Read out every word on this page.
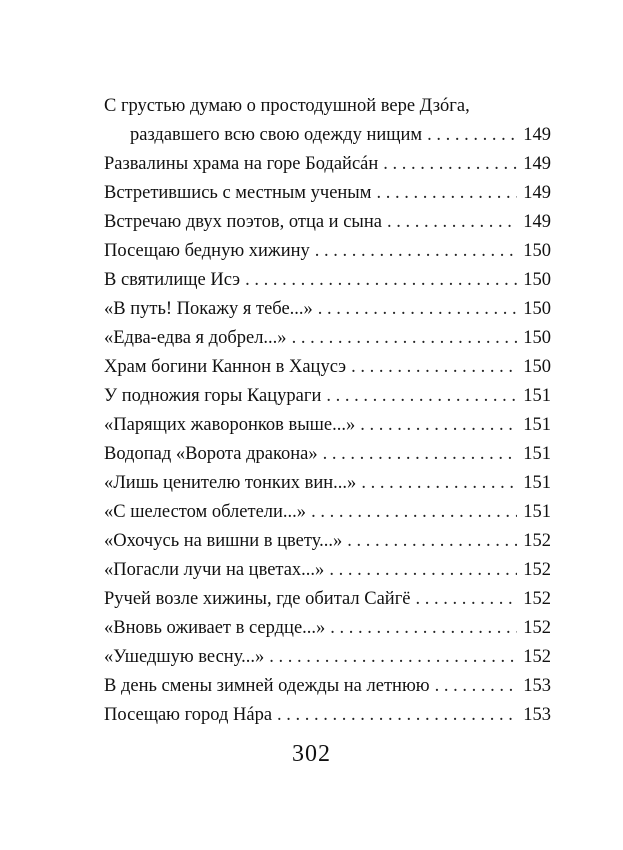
С грустью думаю о простодушной вере Дзóга,
раздавшего всю свою одежду нищим . . .	149
Развалины храма на горе Бодайсáн . . .	149
Встретившись с местным ученым . . .	149
Встречаю двух поэтов, отца и сына . . .	149
Посещаю бедную хижину . . .	150
В святилище Исэ . . .	150
«В путь! Покажу я тебе...» . . .	150
«Едва-едва я добрел...» . . .	150
Храм богини Каннон в Хацусэ . . .	150
У подножия горы Кацураги . . .	151
«Парящих жаворонков выше...» . . .	151
Водопад «Ворота дракона» . . .	151
«Лишь ценителю тонких вин...» . . .	151
«С шелестом облетели...» . . .	151
«Охочусь на вишни в цвету...» . . .	152
«Погасли лучи на цветах...» . . .	152
Ручей возле хижины, где обитал Сайгё . . .	152
«Вновь оживает в сердце...» . . .	152
«Ушедшую весну...» . . .	152
В день смены зимней одежды на летнюю . . .	153
Посещаю город Нáра . . .	153
302
